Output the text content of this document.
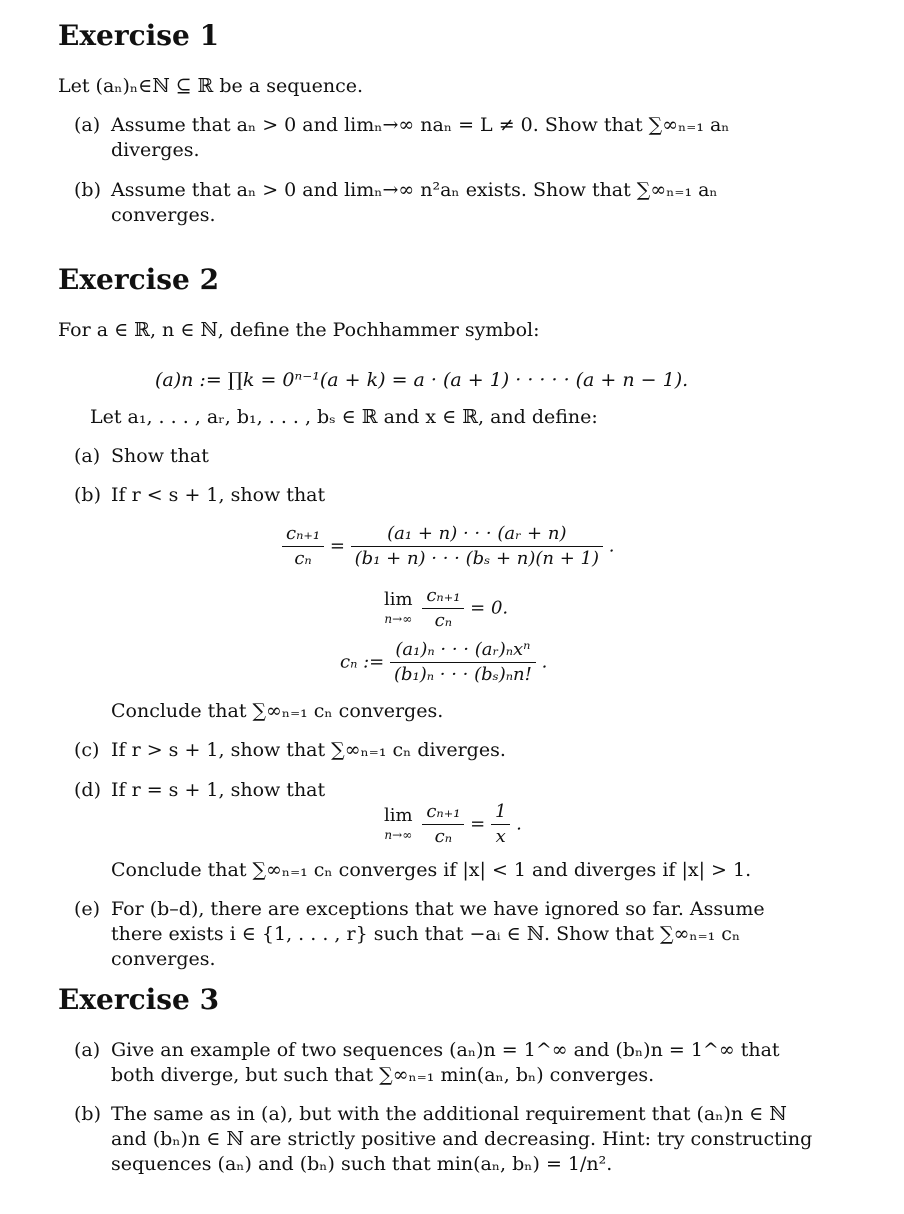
Exercise 1

Let (aₙ)ₙ∈ℕ ⊆ ℝ be a sequence.

(a) Assume that aₙ > 0 and limₙ→∞ naₙ = L ≠ 0. Show that ∑∞ₙ₌₁ aₙ diverges.
(b) Assume that aₙ > 0 and limₙ→∞ n²aₙ exists. Show that ∑∞ₙ₌₁ aₙ converges.
Exercise 2

For a ∈ ℝ, n ∈ ℕ, define the Pochhammer symbol:

(a)n := ∏k = 0ⁿ⁻¹(a + k) = a · (a + 1) · · · · · (a + n − 1).

Let a₁, . . . , aᵣ, b₁, . . . , bₛ ∈ ℝ and x ∈ ℝ, and define:

(a) Show that
(b) If r < s + 1, show that
$\frac{\text{cₙ₊₁}}{\text{cₙ}} = \frac{\text{(a₁ + n) · · · (aᵣ + n)}}{\text{(b₁ + n) · · · (bₛ + n)(n + 1)}}$ .
lim
n→∞
$\frac{\text{cₙ₊₁}}{\text{cₙ}} = 0$.
cₙ := $\frac{\text{(a₁)ₙ · · · (aᵣ)ₙxⁿ}}{\text{(b₁)ₙ · · · (bₛ)ₙn!}}$ .

Conclude that ∑∞ₙ₌₁ cₙ converges.

(c) If r > s + 1, show that ∑∞ₙ₌₁ cₙ diverges.
(d) If r = s + 1, show that
lim
n→∞
$\frac{\text{cₙ₊₁}}{\text{cₙ}} = \frac{1}{x}$ .

Conclude that ∑∞ₙ₌₁ cₙ converges if |x| < 1 and diverges if |x| > 1.

(e) For (b–d), there are exceptions that we have ignored so far. Assume there exists i ∈ {1, . . . , r} such that −aᵢ ∈ ℕ. Show that ∑∞ₙ₌₁ cₙ converges.
Exercise 3
(a) Give an example of two sequences (aₙ)n = 1^∞ and (bₙ)n = 1^∞ that both diverge, but such that ∑∞ₙ₌₁ min(aₙ, bₙ) converges.
(b) The same as in (a), but with the additional requirement that (aₙ)n ∈ ℕ and (bₙ)n ∈ ℕ are strictly positive and decreasing. Hint: try constructing sequences (aₙ) and (bₙ) such that min(aₙ, bₙ) = 1/n².
